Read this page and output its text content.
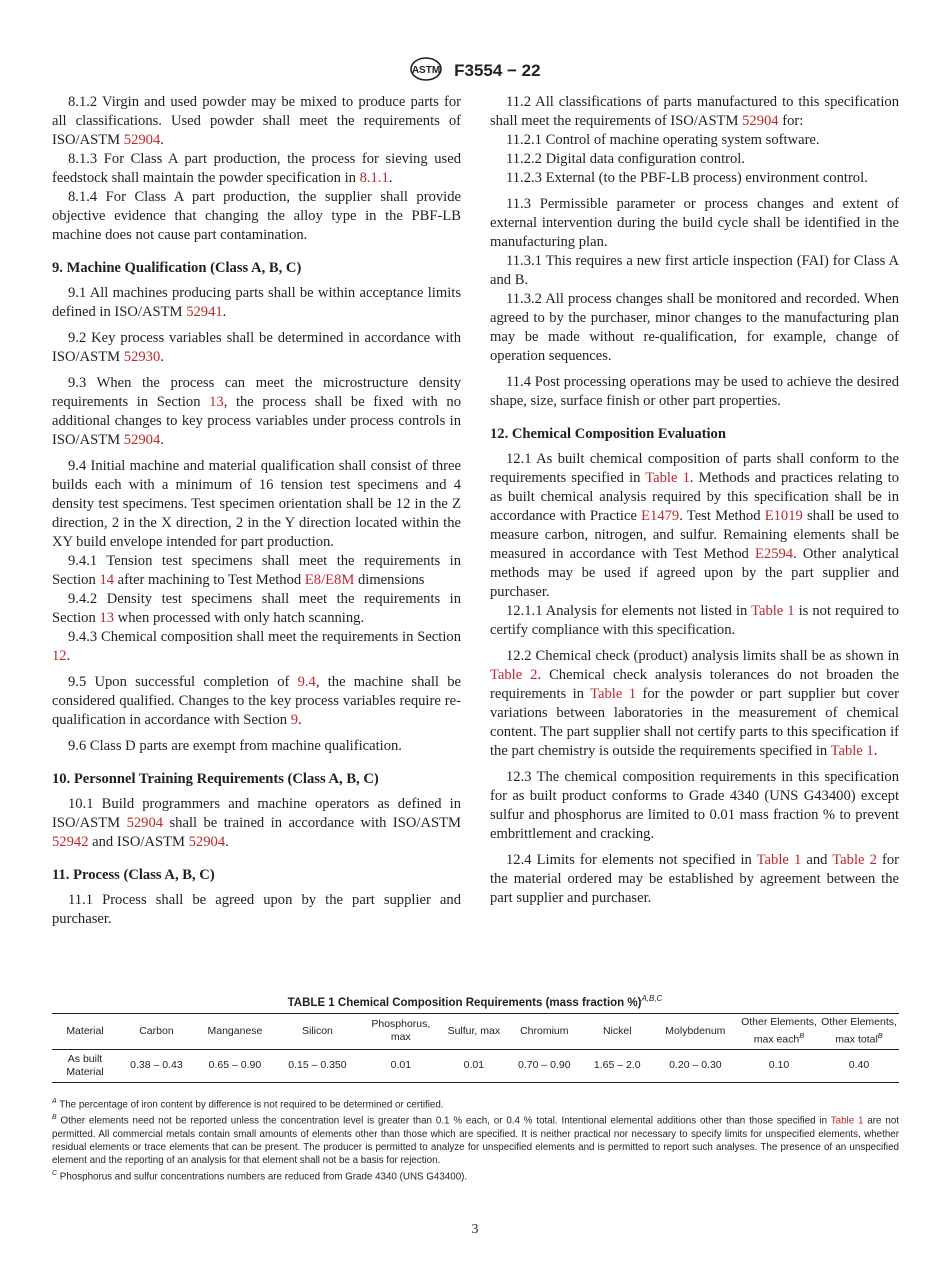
ASTM F3554 − 22

8.1.2 Virgin and used powder may be mixed to produce parts for all classifications. Used powder shall meet the requirements of ISO/ASTM 52904.

8.1.3 For Class A part production, the process for sieving used feedstock shall maintain the powder specification in 8.1.1.

8.1.4 For Class A part production, the supplier shall provide objective evidence that changing the alloy type in the PBF-LB machine does not cause part contamination.

9. Machine Qualification (Class A, B, C)

9.1 All machines producing parts shall be within acceptance limits defined in ISO/ASTM 52941.

9.2 Key process variables shall be determined in accordance with ISO/ASTM 52930.

9.3 When the process can meet the microstructure density requirements in Section 13, the process shall be fixed with no additional changes to key process variables under process controls in ISO/ASTM 52904.

9.4 Initial machine and material qualification shall consist of three builds each with a minimum of 16 tension test specimens and 4 density test specimens. Test specimen orientation shall be 12 in the Z direction, 2 in the X direction, 2 in the Y direction located within the XY build envelope intended for part production.

9.4.1 Tension test specimens shall meet the requirements in Section 14 after machining to Test Method E8/E8M dimensions

9.4.2 Density test specimens shall meet the requirements in Section 13 when processed with only hatch scanning.

9.4.3 Chemical composition shall meet the requirements in Section 12.

9.5 Upon successful completion of 9.4, the machine shall be considered qualified. Changes to the key process variables require re-qualification in accordance with Section 9.

9.6 Class D parts are exempt from machine qualification.

10. Personnel Training Requirements (Class A, B, C)

10.1 Build programmers and machine operators as defined in ISO/ASTM 52904 shall be trained in accordance with ISO/ASTM 52942 and ISO/ASTM 52904.

11. Process (Class A, B, C)

11.1 Process shall be agreed upon by the part supplier and purchaser.

11.2 All classifications of parts manufactured to this specification shall meet the requirements of ISO/ASTM 52904 for:

11.2.1 Control of machine operating system software.

11.2.2 Digital data configuration control.

11.2.3 External (to the PBF-LB process) environment control.

11.3 Permissible parameter or process changes and extent of external intervention during the build cycle shall be identified in the manufacturing plan.

11.3.1 This requires a new first article inspection (FAI) for Class A and B.

11.3.2 All process changes shall be monitored and recorded. When agreed to by the purchaser, minor changes to the manufacturing plan may be made without re-qualification, for example, change of operation sequences.

11.4 Post processing operations may be used to achieve the desired shape, size, surface finish or other part properties.

12. Chemical Composition Evaluation

12.1 As built chemical composition of parts shall conform to the requirements specified in Table 1. Methods and practices relating to as built chemical analysis required by this specification shall be in accordance with Practice E1479. Test Method E1019 shall be used to measure carbon, nitrogen, and sulfur. Remaining elements shall be measured in accordance with Test Method E2594. Other analytical methods may be used if agreed upon by the part supplier and purchaser.

12.1.1 Analysis for elements not listed in Table 1 is not required to certify compliance with this specification.

12.2 Chemical check (product) analysis limits shall be as shown in Table 2. Chemical check analysis tolerances do not broaden the requirements in Table 1 for the powder or part supplier but cover variations between laboratories in the measurement of chemical content. The part supplier shall not certify parts to this specification if the part chemistry is outside the requirements specified in Table 1.

12.3 The chemical composition requirements in this specification for as built product conforms to Grade 4340 (UNS G43400) except sulfur and phosphorus are limited to 0.01 mass fraction % to prevent embrittlement and cracking.

12.4 Limits for elements not specified in Table 1 and Table 2 for the material ordered may be established by agreement between the part supplier and purchaser.

TABLE 1 Chemical Composition Requirements (mass fraction %)$^{A,B,C}$
Material	Carbon	Manganese	Silicon	Phosphorus, max	Sulfur, max	Chromium	Nickel	Molybdenum	Other Elements, max each$^B$	Other Elements, max total$^B$
As built Material	0.38 – 0.43	0.65 – 0.90	0.15 – 0.350	0.01	0.01	0.70 – 0.90	1.65 – 2.0	0.20 – 0.30	0.10	0.40

$^A$ The percentage of iron content by difference is not required to be determined or certified.

$^B$ Other elements need not be reported unless the concentration level is greater than 0.1 % each, or 0.4 % total. Intentional elemental additions other than those specified in Table 1 are not permitted. All commercial metals contain small amounts of elements other than those which are specified. It is neither practical nor necessary to specify limits for unspecified elements, whether residual elements or trace elements that can be present. The producer is permitted to analyze for unspecified elements and is permitted to report such analyses. The presence of an unspecified element and the reporting of an analysis for that element shall not be a basis for rejection.

$^C$ Phosphorus and sulfur concentrations numbers are reduced from Grade 4340 (UNS G43400).

3
